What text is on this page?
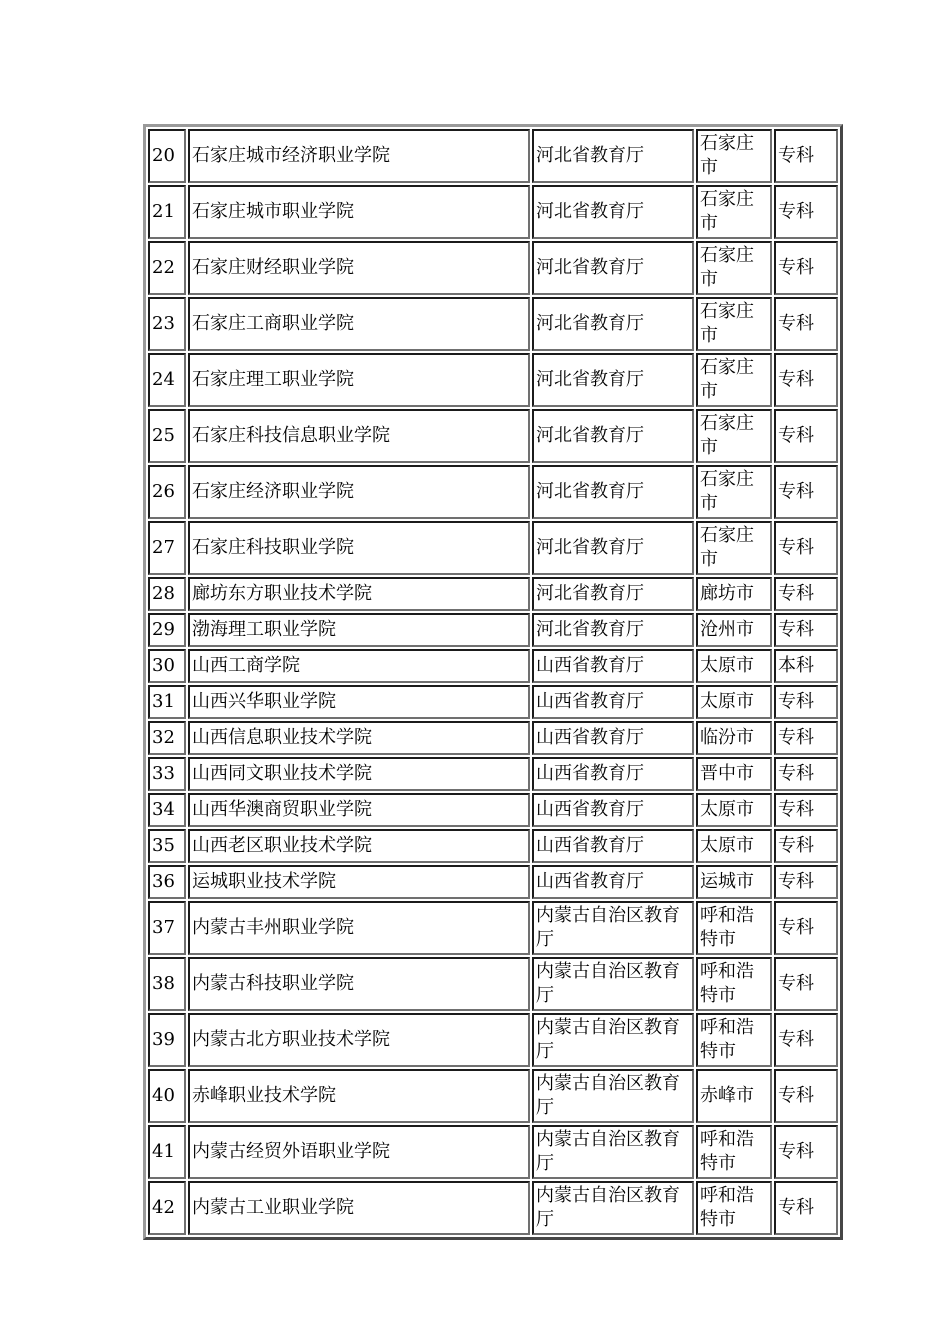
20	石家庄城市经济职业学院	河北省教育厅	石家庄市	专科
21	石家庄城市职业学院	河北省教育厅	石家庄市	专科
22	石家庄财经职业学院	河北省教育厅	石家庄市	专科
23	石家庄工商职业学院	河北省教育厅	石家庄市	专科
24	石家庄理工职业学院	河北省教育厅	石家庄市	专科
25	石家庄科技信息职业学院	河北省教育厅	石家庄市	专科
26	石家庄经济职业学院	河北省教育厅	石家庄市	专科
27	石家庄科技职业学院	河北省教育厅	石家庄市	专科
28	廊坊东方职业技术学院	河北省教育厅	廊坊市	专科
29	渤海理工职业学院	河北省教育厅	沧州市	专科
30	山西工商学院	山西省教育厅	太原市	本科
31	山西兴华职业学院	山西省教育厅	太原市	专科
32	山西信息职业技术学院	山西省教育厅	临汾市	专科
33	山西同文职业技术学院	山西省教育厅	晋中市	专科
34	山西华澳商贸职业学院	山西省教育厅	太原市	专科
35	山西老区职业技术学院	山西省教育厅	太原市	专科
36	运城职业技术学院	山西省教育厅	运城市	专科
37	内蒙古丰州职业学院	内蒙古自治区教育厅	呼和浩特市	专科
38	内蒙古科技职业学院	内蒙古自治区教育厅	呼和浩特市	专科
39	内蒙古北方职业技术学院	内蒙古自治区教育厅	呼和浩特市	专科
40	赤峰职业技术学院	内蒙古自治区教育厅	赤峰市	专科
41	内蒙古经贸外语职业学院	内蒙古自治区教育厅	呼和浩特市	专科
42	内蒙古工业职业学院	内蒙古自治区教育厅	呼和浩特市	专科
